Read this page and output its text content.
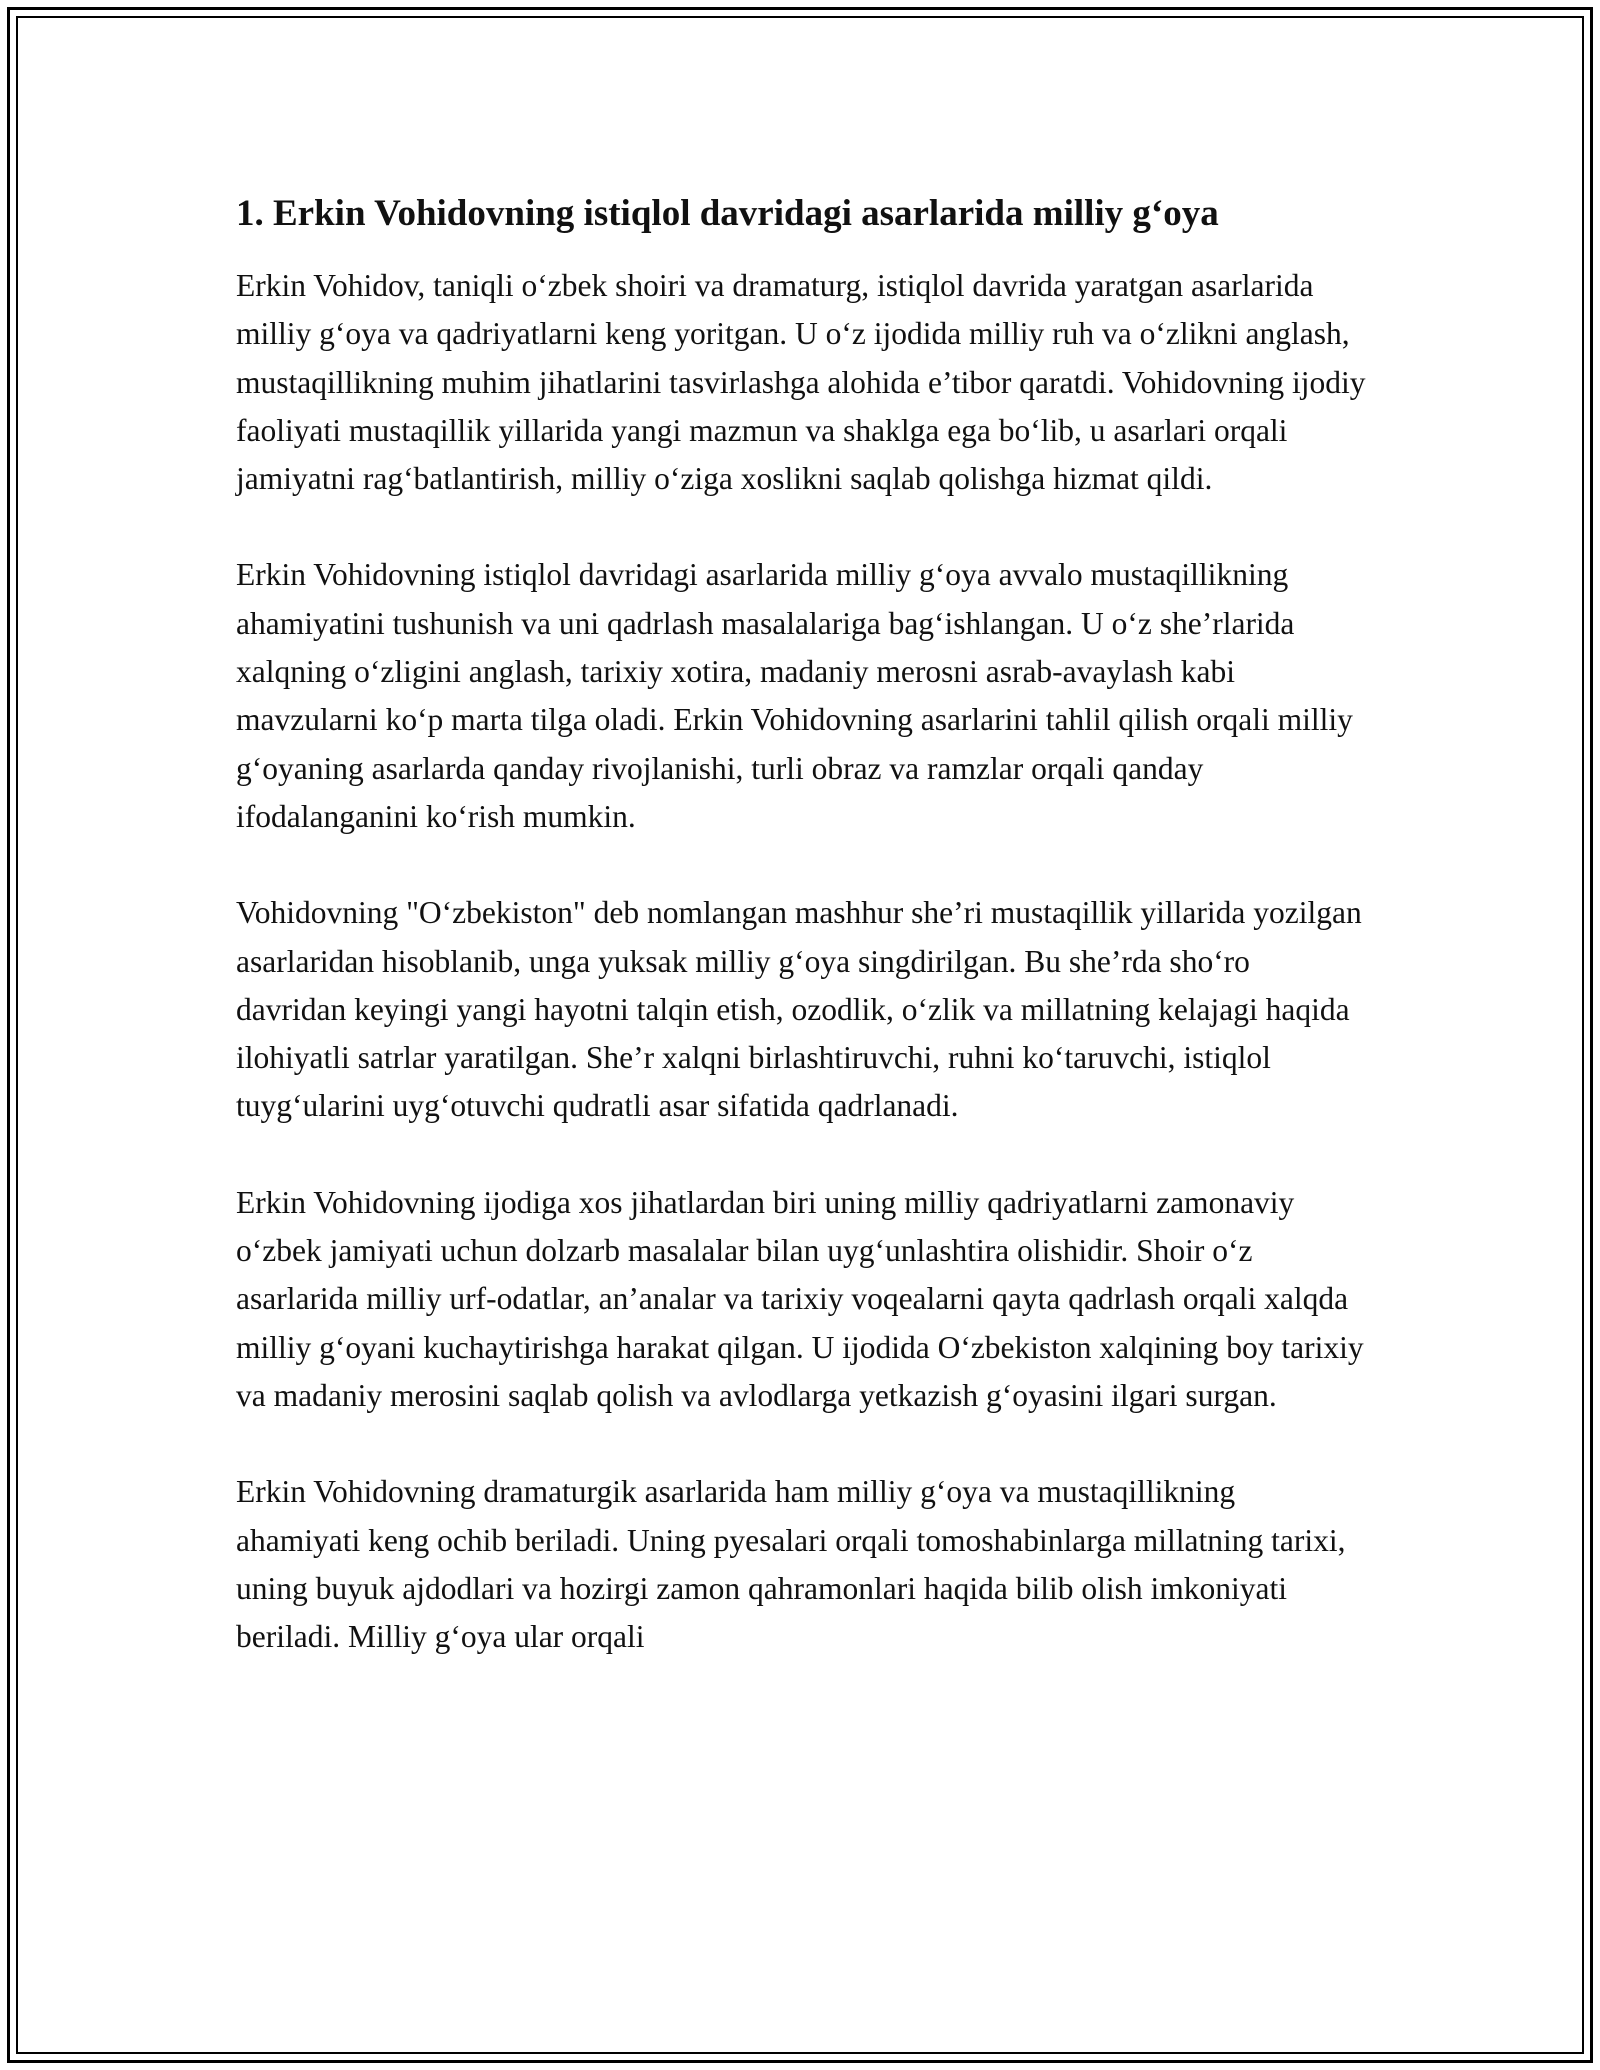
1. Erkin Vohidovning istiqlol davridagi asarlarida milliy g‘oya

Erkin Vohidov, taniqli o‘zbek shoiri va dramaturg, istiqlol davrida yaratgan asarlarida milliy g‘oya va qadriyatlarni keng yoritgan. U o‘z ijodida milliy ruh va o‘zlikni anglash, mustaqillikning muhim jihatlarini tasvirlashga alohida e’tibor qaratdi. Vohidovning ijodiy faoliyati mustaqillik yillarida yangi mazmun va shaklga ega bo‘lib, u asarlari orqali jamiyatni rag‘batlantirish, milliy o‘ziga xoslikni saqlab qolishga hizmat qildi.

Erkin Vohidovning istiqlol davridagi asarlarida milliy g‘oya avvalo mustaqillikning ahamiyatini tushunish va uni qadrlash masalalariga bag‘ishlangan. U o‘z she’rlarida xalqning o‘zligini anglash, tarixiy xotira, madaniy merosni asrab-avaylash kabi mavzularni ko‘p marta tilga oladi. Erkin Vohidovning asarlarini tahlil qilish orqali milliy g‘oyaning asarlarda qanday rivojlanishi, turli obraz va ramzlar orqali qanday ifodalanganini ko‘rish mumkin.

Vohidovning "O‘zbekiston" deb nomlangan mashhur she’ri mustaqillik yillarida yozilgan asarlaridan hisoblanib, unga yuksak milliy g‘oya singdirilgan. Bu she’rda sho‘ro davridan keyingi yangi hayotni talqin etish, ozodlik, o‘zlik va millatning kelajagi haqida ilohiyatli satrlar yaratilgan. She’r xalqni birlashtiruvchi, ruhni ko‘taruvchi, istiqlol tuyg‘ularini uyg‘otuvchi qudratli asar sifatida qadrlanadi.

Erkin Vohidovning ijodiga xos jihatlardan biri uning milliy qadriyatlarni zamonaviy o‘zbek jamiyati uchun dolzarb masalalar bilan uyg‘unlashtira olishidir. Shoir o‘z asarlarida milliy urf-odatlar, an’analar va tarixiy voqealarni qayta qadrlash orqali xalqda milliy g‘oyani kuchaytirishga harakat qilgan. U ijodida O‘zbekiston xalqining boy tarixiy va madaniy merosini saqlab qolish va avlodlarga yetkazish g‘oyasini ilgari surgan.

Erkin Vohidovning dramaturgik asarlarida ham milliy g‘oya va mustaqillikning ahamiyati keng ochib beriladi. Uning pyesalari orqali tomoshabinlarga millatning tarixi, uning buyuk ajdodlari va hozirgi zamon qahramonlari haqida bilib olish imkoniyati beriladi. Milliy g‘oya ular orqali
